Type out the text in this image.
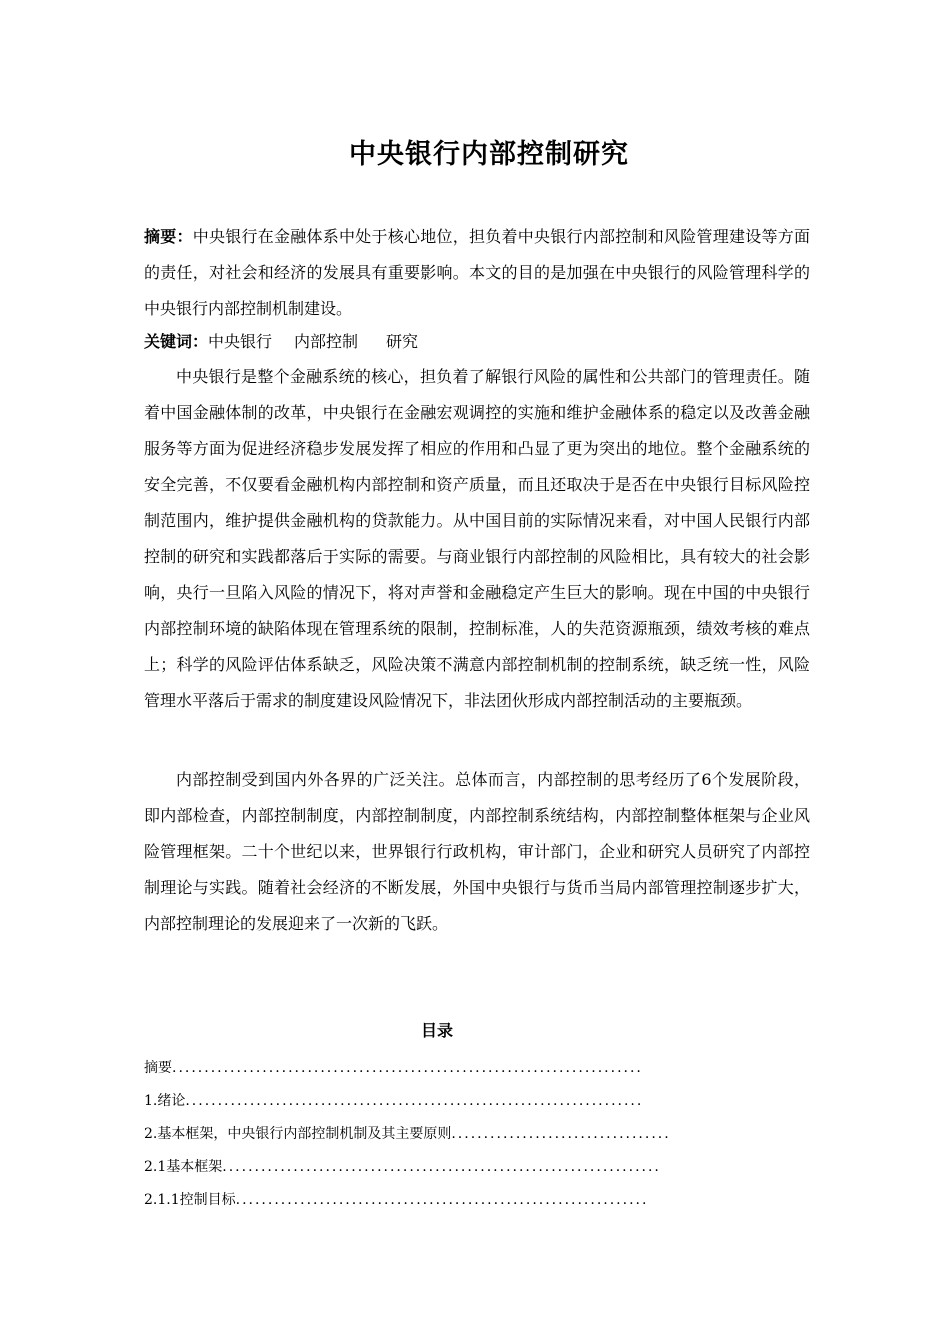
中央银行内部控制研究
摘要：中央银行在金融体系中处于核心地位，担负着中央银行内部控制和风险管理建设等方面的责任，对社会和经济的发展具有重要影响。本文的目的是加强在中央银行的风险管理科学的中央银行内部控制机制建设。
关键词：中央银行 内部控制 研究
中央银行是整个金融系统的核心，担负着了解银行风险的属性和公共部门的管理责任。随着中国金融体制的改革，中央银行在金融宏观调控的实施和维护金融体系的稳定以及改善金融服务等方面为促进经济稳步发展发挥了相应的作用和凸显了更为突出的地位。整个金融系统的安全完善，不仅要看金融机构内部控制和资产质量，而且还取决于是否在中央银行目标风险控制范围内，维护提供金融机构的贷款能力。从中国目前的实际情况来看，对中国人民银行内部控制的研究和实践都落后于实际的需要。与商业银行内部控制的风险相比，具有较大的社会影响，央行一旦陷入风险的情况下，将对声誉和金融稳定产生巨大的影响。现在中国的中央银行内部控制环境的缺陷体现在管理系统的限制，控制标准，人的失范资源瓶颈，绩效考核的难点上；科学的风险评估体系缺乏，风险决策不满意内部控制机制的控制系统，缺乏统一性，风险管理水平落后于需求的制度建设风险情况下，非法团伙形成内部控制活动的主要瓶颈。
内部控制受到国内外各界的广泛关注。总体而言，内部控制的思考经历了6个发展阶段，即内部检查，内部控制制度，内部控制制度，内部控制系统结构，内部控制整体框架与企业风险管理框架。二十个世纪以来，世界银行行政机构，审计部门，企业和研究人员研究了内部控制理论与实践。随着社会经济的不断发展，外国中央银行与货币当局内部管理控制逐步扩大，内部控制理论的发展迎来了一次新的飞跃。
目录
摘要.........................................................................
1.绪论.......................................................................
2.基本框架，中央银行内部控制机制及其主要原则..................................
2.1基本框架....................................................................
2.1.1控制目标................................................................
